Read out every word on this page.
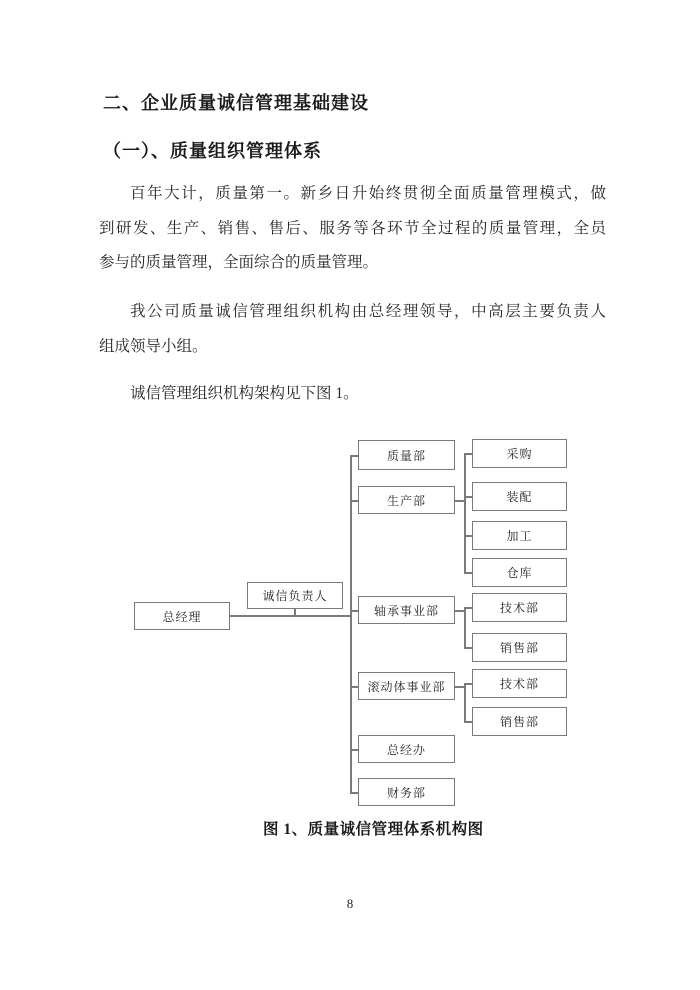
二、企业质量诚信管理基础建设
（一）、质量组织管理体系
百年大计，质量第一。新乡日升始终贯彻全面质量管理模式，做
到研发、生产、销售、售后、服务等各环节全过程的质量管理，全员
参与的质量管理，全面综合的质量管理。
我公司质量诚信管理组织机构由总经理领导，中高层主要负责人
组成领导小组。
诚信管理组织机构架构见下图 1。
总经理
诚信负责人
质量部
生产部
轴承事业部
滚动体事业部
总经办
财务部
采购
装配
加工
仓库
技术部
销售部
技术部
销售部
图 1、质量诚信管理体系机构图
8
